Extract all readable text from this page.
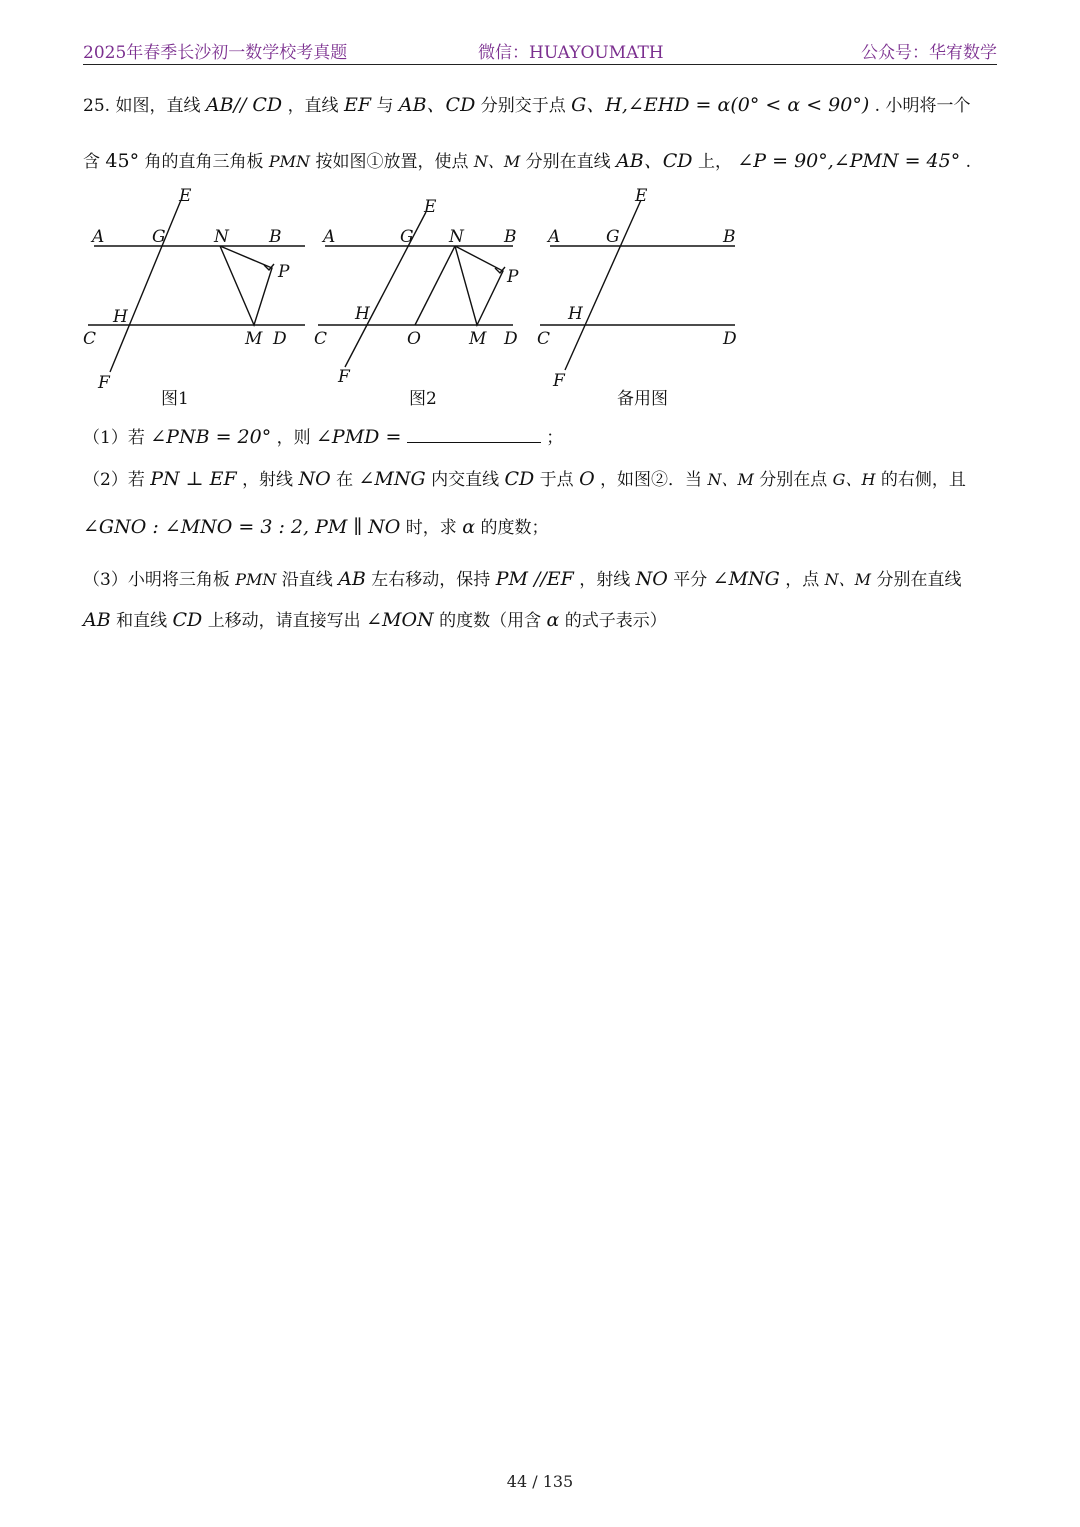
2025年春季长沙初一数学校考真题	微信：HUAYOUMATH	公众号：华宥数学
25. 如图，直线 AB// CD ，直线 EF 与 AB、CD 分别交于点 G、H,∠EHD = α(0° < α < 90°) . 小明将一个
含 45° 角的直角三角板 PMN 按如图①放置，使点 N、M 分别在直线 AB、CD 上， ∠P = 90°,∠PMN = 45° .
E
A	G	N B
P
H
C	M D
F
E
A	G N B
P
H
C	O	M D
F
E
A	G	B
H
C	D
F
图1	图2	备用图
（1）若 ∠PNB = 20° ，则 ∠PMD =	；
（2）若 PN ⊥ EF ，射线 NO 在 ∠MNG 内交直线 CD 于点 O ，如图②．当 N、M 分别在点 G、H 的右侧，且
∠GNO : ∠MNO = 3 : 2, PM ∥ NO 时，求 α 的度数；
（3）小明将三角板 PMN 沿直线 AB 左右移动，保持 PM //EF ，射线 NO 平分 ∠MNG ，点 N、M 分别在直线
AB 和直线 CD 上移动，请直接写出 ∠MON 的度数（用含 α 的式子表示）
44 / 135
